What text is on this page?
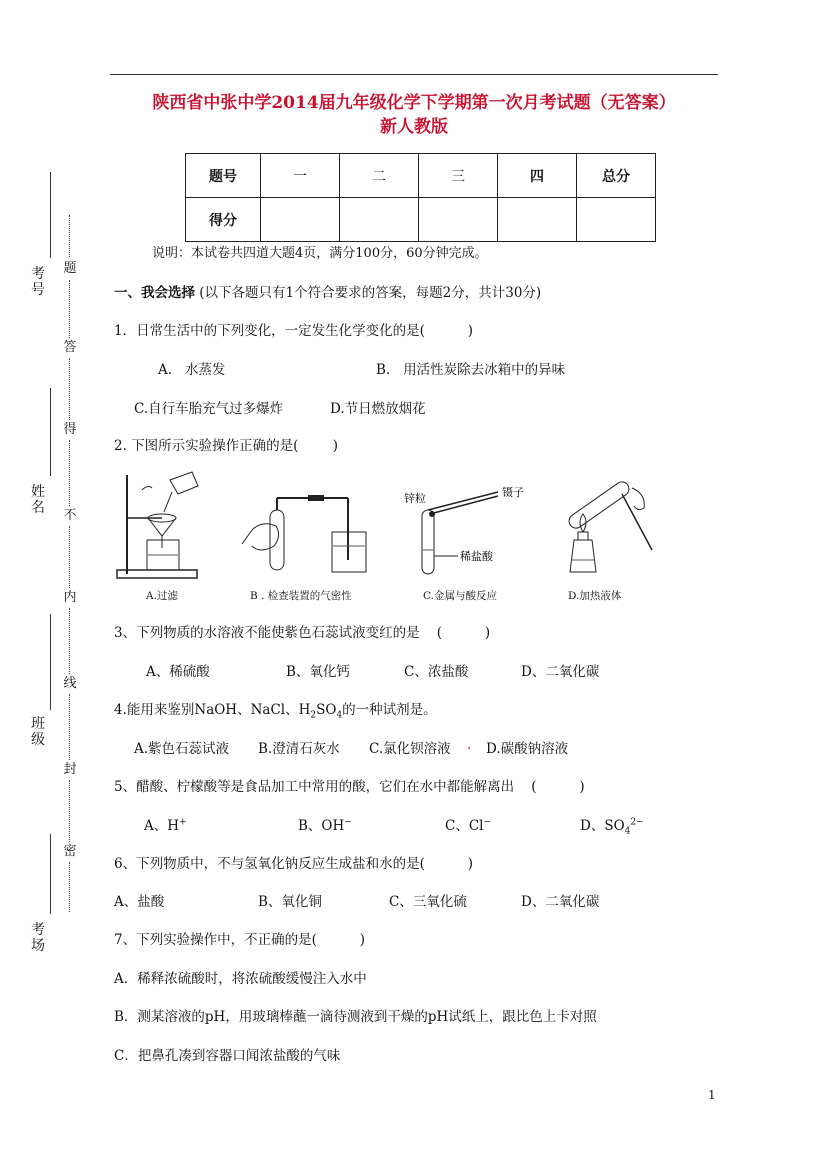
陕西省中张中学2014届九年级化学下学期第一次月考试题（无答案）
新人教版
题号	一	二	三	四	总分
得分					
说明：本试卷共四道大题4页，满分100分，60分钟完成。
一、我会选择 (以下各题只有1个符合要求的答案，每题2分，共计30分)
1．日常生活中的下列变化，一定发生化学变化的是(          )
A.   水蒸发	B.   用活性炭除去冰箱中的异味
C.自行车胎充气过多爆炸	D.节日燃放烟花
2. 下图所示实验操作正确的是(        )
锌粒	镊子
稀盐酸
A.过滤	B . 检查装置的气密性	C.金属与酸反应	D.加热液体
3、下列物质的水溶液不能使紫色石蕊试液变红的是    (          )
A、稀硫酸	B、氧化钙	C、浓盐酸	D、二氧化碳
4.能用来鉴别NaOH、NaCl、$H_2SO_4$的一种试剂是。
A.紫色石蕊试液 B.澄清石灰水 C.氯化钡溶液 . D.碳酸钠溶液
5、醋酸、柠檬酸等是食品加工中常用的酸，它们在水中都能解离出    (          )
A、H+	B、OH−	C、Cl−	D、$SO_4^{2-}$
6、下列物质中，不与氢氧化钠反应生成盐和水的是(          )
A、盐酸	B、氧化铜	C、三氧化硫	D、二氧化碳
7、下列实验操作中，不正确的是(          )
A．稀释浓硫酸时，将浓硫酸缓慢注入水中
B．测某溶液的pH，用玻璃棒蘸一滴待测液到干燥的pH试纸上，跟比色上卡对照
C．把鼻孔凑到容器口闻浓盐酸的气味
考号
姓名
班级
考场
题
答
得
不
内
线
封
密
1
